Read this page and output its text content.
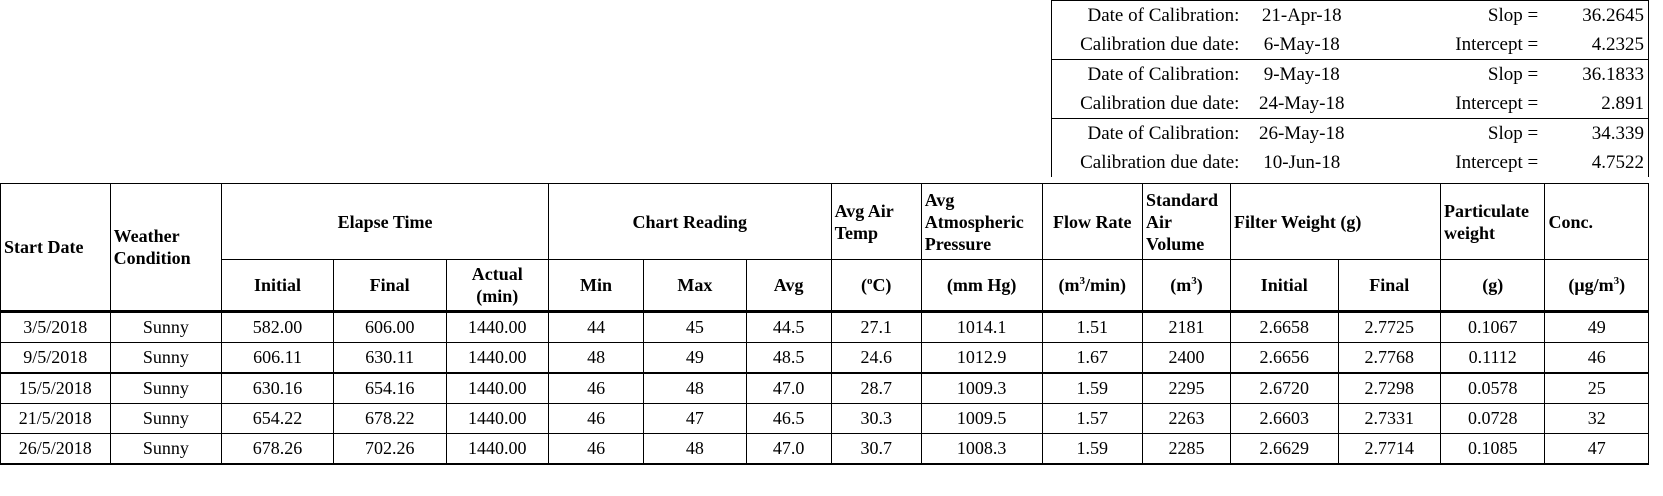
Date of Calibration:	21-Apr-18	Slop =	36.2645
Calibration due date:	6-May-18	Intercept =	4.2325
Date of Calibration:	9-May-18	Slop =	36.1833
Calibration due date:	24-May-18	Intercept =	2.891
Date of Calibration:	26-May-18	Slop =	34.339
Calibration due date:	10-Jun-18	Intercept =	4.7522
Start Date	Weather Condition	Elapse Time			Chart Reading			Avg Air Temp	Avg Atmospheric Pressure	Flow Rate	Standard Air Volume	Filter Weight (g)		Particulate weight	Conc.
		Initial	Final	Actual (min)	Min	Max	Avg	($^o$C)	(mm Hg)	$(m^3/\min)$	$(m^3)$	Initial	Final	(g)	$(\mu g/m^3)$
3/5/2018	Sunny	582.00	606.00	1440.00	44	45	44.5	27.1	1014.1	1.51	2181	2.6658	2.7725	0.1067	49
9/5/2018	Sunny	606.11	630.11	1440.00	48	49	48.5	24.6	1012.9	1.67	2400	2.6656	2.7768	0.1112	46
15/5/2018	Sunny	630.16	654.16	1440.00	46	48	47.0	28.7	1009.3	1.59	2295	2.6720	2.7298	0.0578	25
21/5/2018	Sunny	654.22	678.22	1440.00	46	47	46.5	30.3	1009.5	1.57	2263	2.6603	2.7331	0.0728	32
26/5/2018	Sunny	678.26	702.26	1440.00	46	48	47.0	30.7	1008.3	1.59	2285	2.6629	2.7714	0.1085	47
